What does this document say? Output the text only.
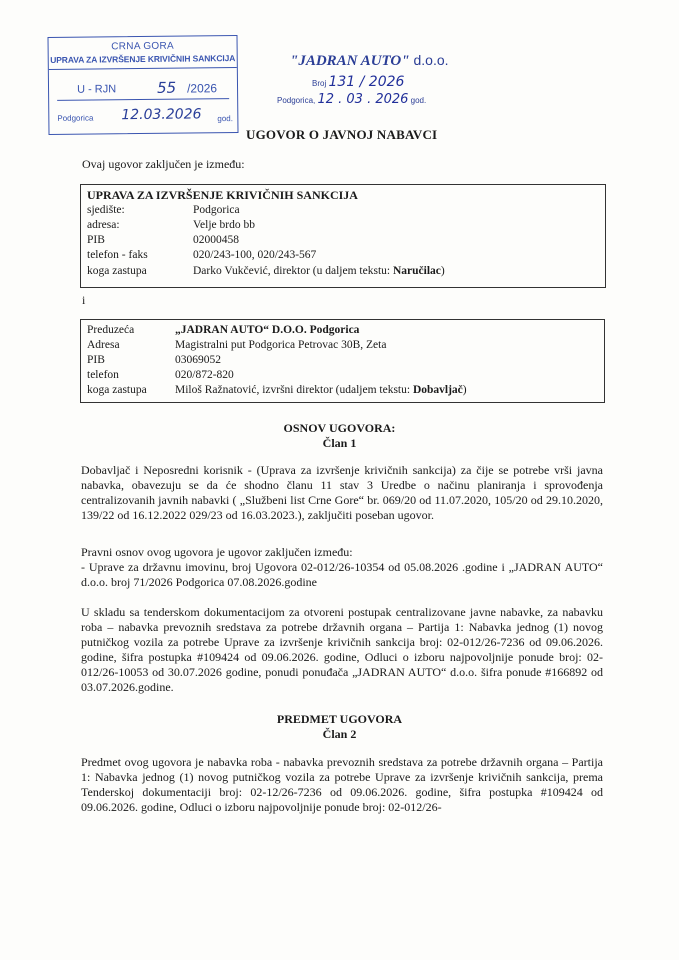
CRNA GORA
UPRAVA ZA IZVRŠENJE KRIVIČNIH SANKCIJA
U - RJN	55 /2026
Podgorica 12.03.2026 god.
"JADRAN AUTO" d.o.o.
Broj 131 / 2026
Podgorica, 12 . 03 . 2026 god.
UGOVOR O JAVNOJ NABAVCI
Ovaj ugovor zaključen je između:
UPRAVA ZA IZVRŠENJE KRIVIČNIH SANKCIJA
sjedište:	Podgorica
adresa:	Velje brdo bb
PIB	02000458
telefon - faks	020/243-100, 020/243-567
koga zastupa	Darko Vukčević, direktor (u daljem tekstu: Naručilac)
i
Preduzeća	„JADRAN AUTO“ D.O.O. Podgorica
Adresa	Magistralni put Podgorica Petrovac 30B, Zeta
PIB	03069052
telefon	020/872-820
koga zastupa Miloš Ražnatović, izvršni direktor (udaljem tekstu: Dobavljač)
OSNOV UGOVORA:
Član 1
Dobavljač i Neposredni korisnik - (Uprava za izvršenje krivičnih sankcija) za čije se potrebe vrši javna nabavka, obavezuju se da će shodno članu 11 stav 3 Uredbe o načinu planiranja i sprovođenja centralizovanih javnih nabavki ( „Službeni list Crne Gore“ br. 069/20 od 11.07.2020, 105/20 od 29.10.2020, 139/22 od 16.12.2022 029/23 od 16.03.2023.), zaključiti poseban ugovor.
Pravni osnov ovog ugovora je ugovor zaključen između:
- Uprave za državnu imovinu, broj Ugovora 02-012/26-10354 od 05.08.2026 .godine i „JADRAN AUTO“ d.o.o. broj 71/2026 Podgorica 07.08.2026.godine
U skladu sa tenderskom dokumentacijom za otvoreni postupak centralizovane javne nabavke, za nabavku roba – nabavka prevoznih sredstava za potrebe državnih organa – Partija 1: Nabavka jednog (1) novog putničkog vozila za potrebe Uprave za izvršenje krivičnih sankcija broj: 02-012/26-7236 od 09.06.2026. godine, šifra postupka #109424 od 09.06.2026. godine, Odluci o izboru najpovoljnije ponude broj: 02-012/26-10053 od 30.07.2026 godine, ponudi ponuđača „JADRAN AUTO“ d.o.o. šifra ponude #166892 od 03.07.2026.godine.
PREDMET UGOVORA
Član 2
Predmet ovog ugovora je nabavka roba - nabavka prevoznih sredstava za potrebe državnih organa – Partija 1: Nabavka jednog (1) novog putničkog vozila za potrebe Uprave za izvršenje krivičnih sankcija, prema Tenderskoj dokumentaciji broj: 02-12/26-7236 od 09.06.2026. godine, šifra postupka #109424 od 09.06.2026. godine, Odluci o izboru najpovoljnije ponude broj: 02-012/26-
